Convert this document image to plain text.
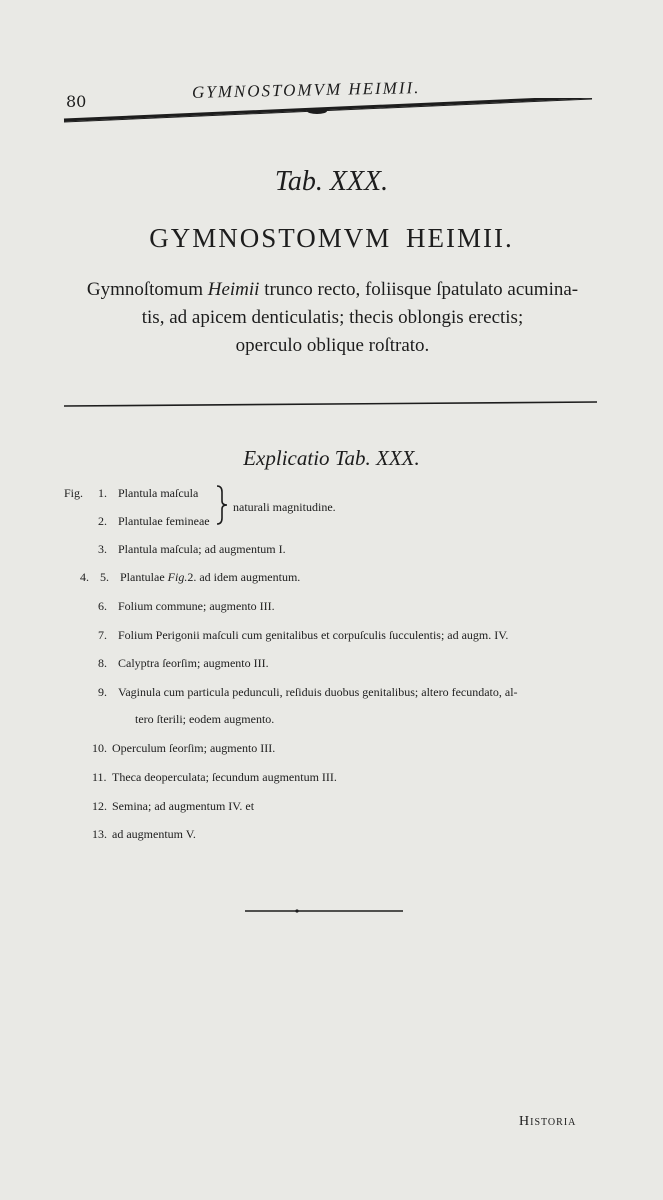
80	GYMNOSTOMVM HEIMII.
Tab. XXX.
GYMNOSTOMVM HEIMII.
Gymnoſtomum Heimii trunco recto, foliisque ſpatulato acumina-
tis, ad apicem denticulatis; thecis oblongis erectis;
operculo oblique roſtrato.
Explicatio Tab. XXX.
Fig. 1. Plantula maſcula
2. Plantulae femineae
naturali magnitudine.
3. Plantula maſcula; ad augmentum I.
4. 5. Plantulae Fig.2. ad idem augmentum.
6. Folium commune; augmento III.
7. Folium Perigonii maſculi cum genitalibus et corpuſculis ſucculentis; ad augm. IV.
8. Calyptra ſeorſim; augmento III.
9. Vaginula cum particula pedunculi, reſiduis duobus genitalibus; altero fecundato, al-
tero ſterili; eodem augmento.
10. Operculum ſeorſim; augmento III.
11. Theca deoperculata; ſecundum augmentum III.
12. Semina; ad augmentum IV. et
13. ad augmentum V.
Historia
